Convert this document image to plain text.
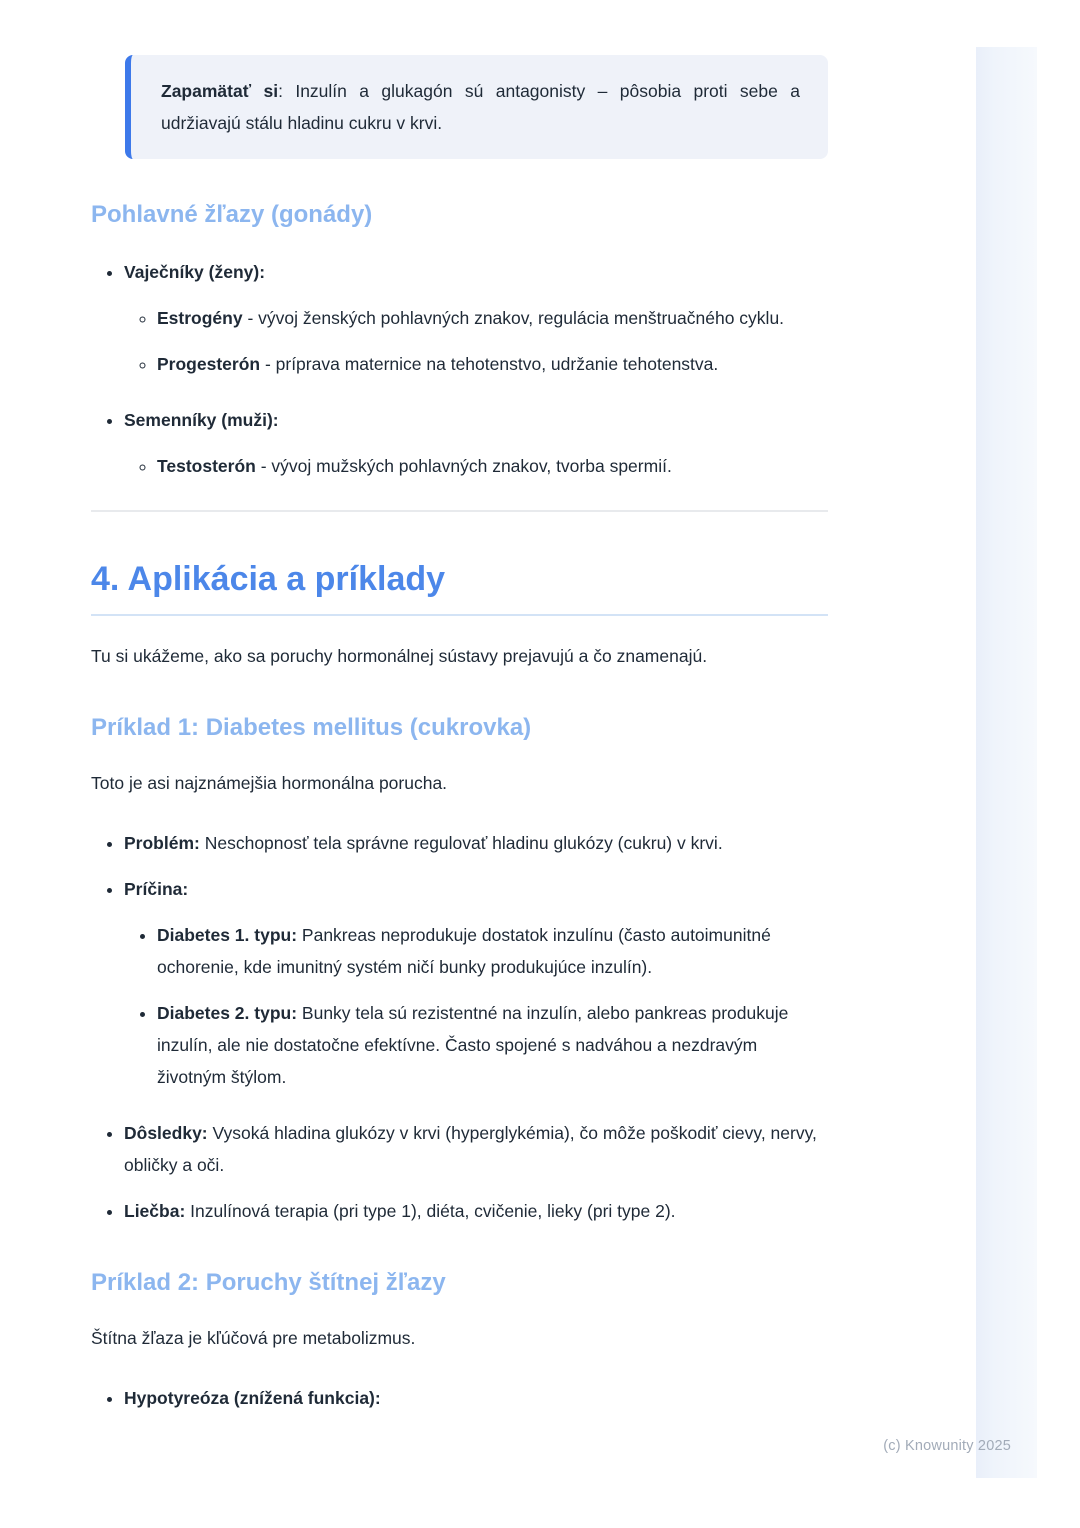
(c) Knowunity 2025

Zapamätať si: Inzulín a glukagón sú antagonisty – pôsobia proti sebe a udržiavajú stálu hladinu cukru v krvi.

Pohlavné žľazy (gonády)
• Vaječníky (ženy):
◦ Estrogény - vývoj ženských pohlavných znakov, regulácia menštruačného cyklu.
◦ Progesterón - príprava maternice na tehotenstvo, udržanie tehotenstva.
• Semenníky (muži):
◦ Testosterón - vývoj mužských pohlavných znakov, tvorba spermií.
4. Aplikácia a príklady

Tu si ukážeme, ako sa poruchy hormonálnej sústavy prejavujú a čo znamenajú.

Príklad 1: Diabetes mellitus (cukrovka)

Toto je asi najznámejšia hormonálna porucha.

• Problém: Neschopnosť tela správne regulovať hladinu glukózy (cukru) v krvi.
• Príčina:
• Diabetes 1. typu: Pankreas neprodukuje dostatok inzulínu (často autoimunitné ochorenie, kde imunitný systém ničí bunky produkujúce inzulín).
• Diabetes 2. typu: Bunky tela sú rezistentné na inzulín, alebo pankreas produkuje inzulín, ale nie dostatočne efektívne. Často spojené s nadváhou a nezdravým životným štýlom.
• Dôsledky: Vysoká hladina glukózy v krvi (hyperglykémia), čo môže poškodiť cievy, nervy, obličky a oči.
• Liečba: Inzulínová terapia (pri type 1), diéta, cvičenie, lieky (pri type 2).
Príklad 2: Poruchy štítnej žľazy

Štítna žľaza je kľúčová pre metabolizmus.

• Hypotyreóza (znížená funkcia):
